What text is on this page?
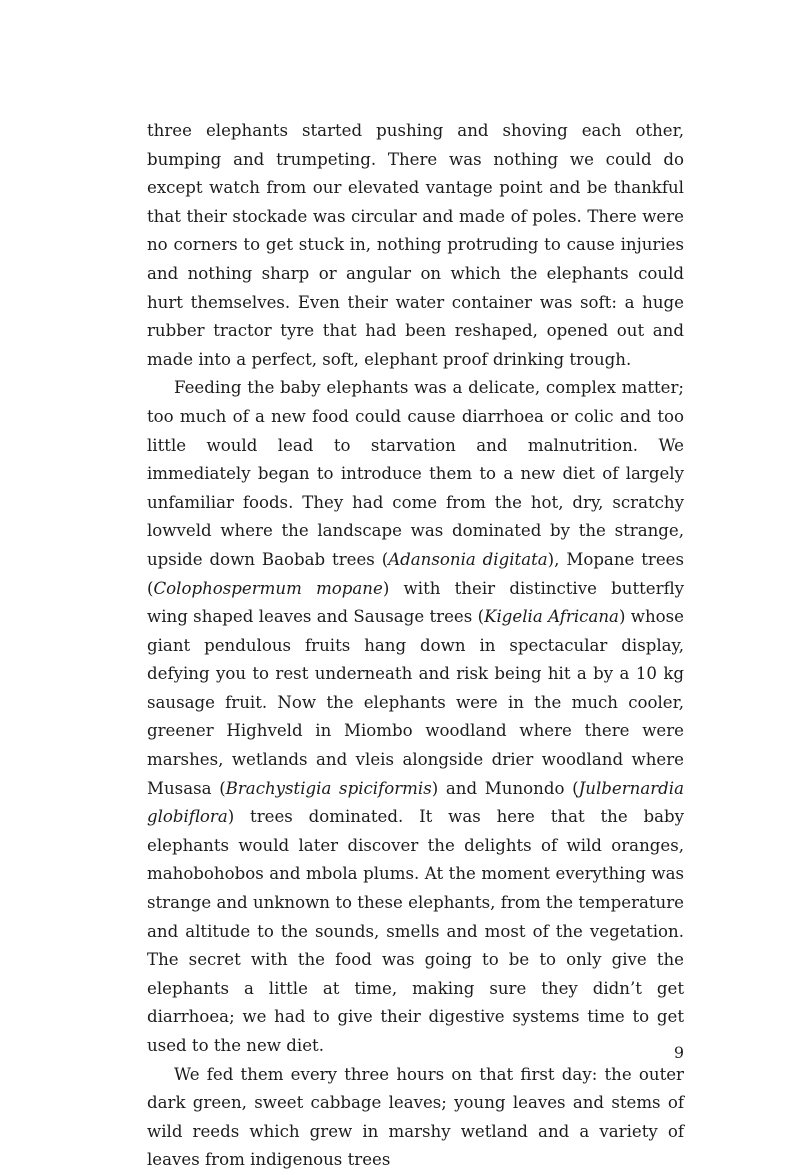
three elephants started pushing and shoving each other, bumping and trumpeting. There was nothing we could do except watch from our elevated vantage point and be thankful that their stockade was circular and made of poles. There were no corners to get stuck in, nothing protruding to cause injuries and nothing sharp or angular on which the elephants could hurt themselves. Even their water container was soft: a huge rubber tractor tyre that had been reshaped, opened out and made into a perfect, soft, elephant proof drinking trough.

Feeding the baby elephants was a delicate, complex matter; too much of a new food could cause diarrhoea or colic and too little would lead to starvation and malnutrition. We immediately began to introduce them to a new diet of largely unfamiliar foods. They had come from the hot, dry, scratchy lowveld where the landscape was dominated by the strange, upside down Baobab trees (Adansonia digitata), Mopane trees (Colophospermum mopane) with their distinctive butterfly wing shaped leaves and Sausage trees (Kigelia Africana) whose giant pendulous fruits hang down in spectacular display, defying you to rest underneath and risk being hit a by a 10 kg sausage fruit. Now the elephants were in the much cooler, greener Highveld in Miombo woodland where there were marshes, wetlands and vleis alongside drier woodland where Musasa (Brachystigia spiciformis) and Munondo (Julbernardia globiflora) trees dominated. It was here that the baby elephants would later discover the delights of wild oranges, mahobohobos and mbola plums. At the moment everything was strange and unknown to these elephants, from the temperature and altitude to the sounds, smells and most of the vegetation. The secret with the food was going to be to only give the elephants a little at time, making sure they didn’t get diarrhoea; we had to give their digestive systems time to get used to the new diet.

We fed them every three hours on that first day: the outer dark green, sweet cabbage leaves; young leaves and stems of wild reeds which grew in marshy wetland and a variety of leaves from indigenous trees

9
